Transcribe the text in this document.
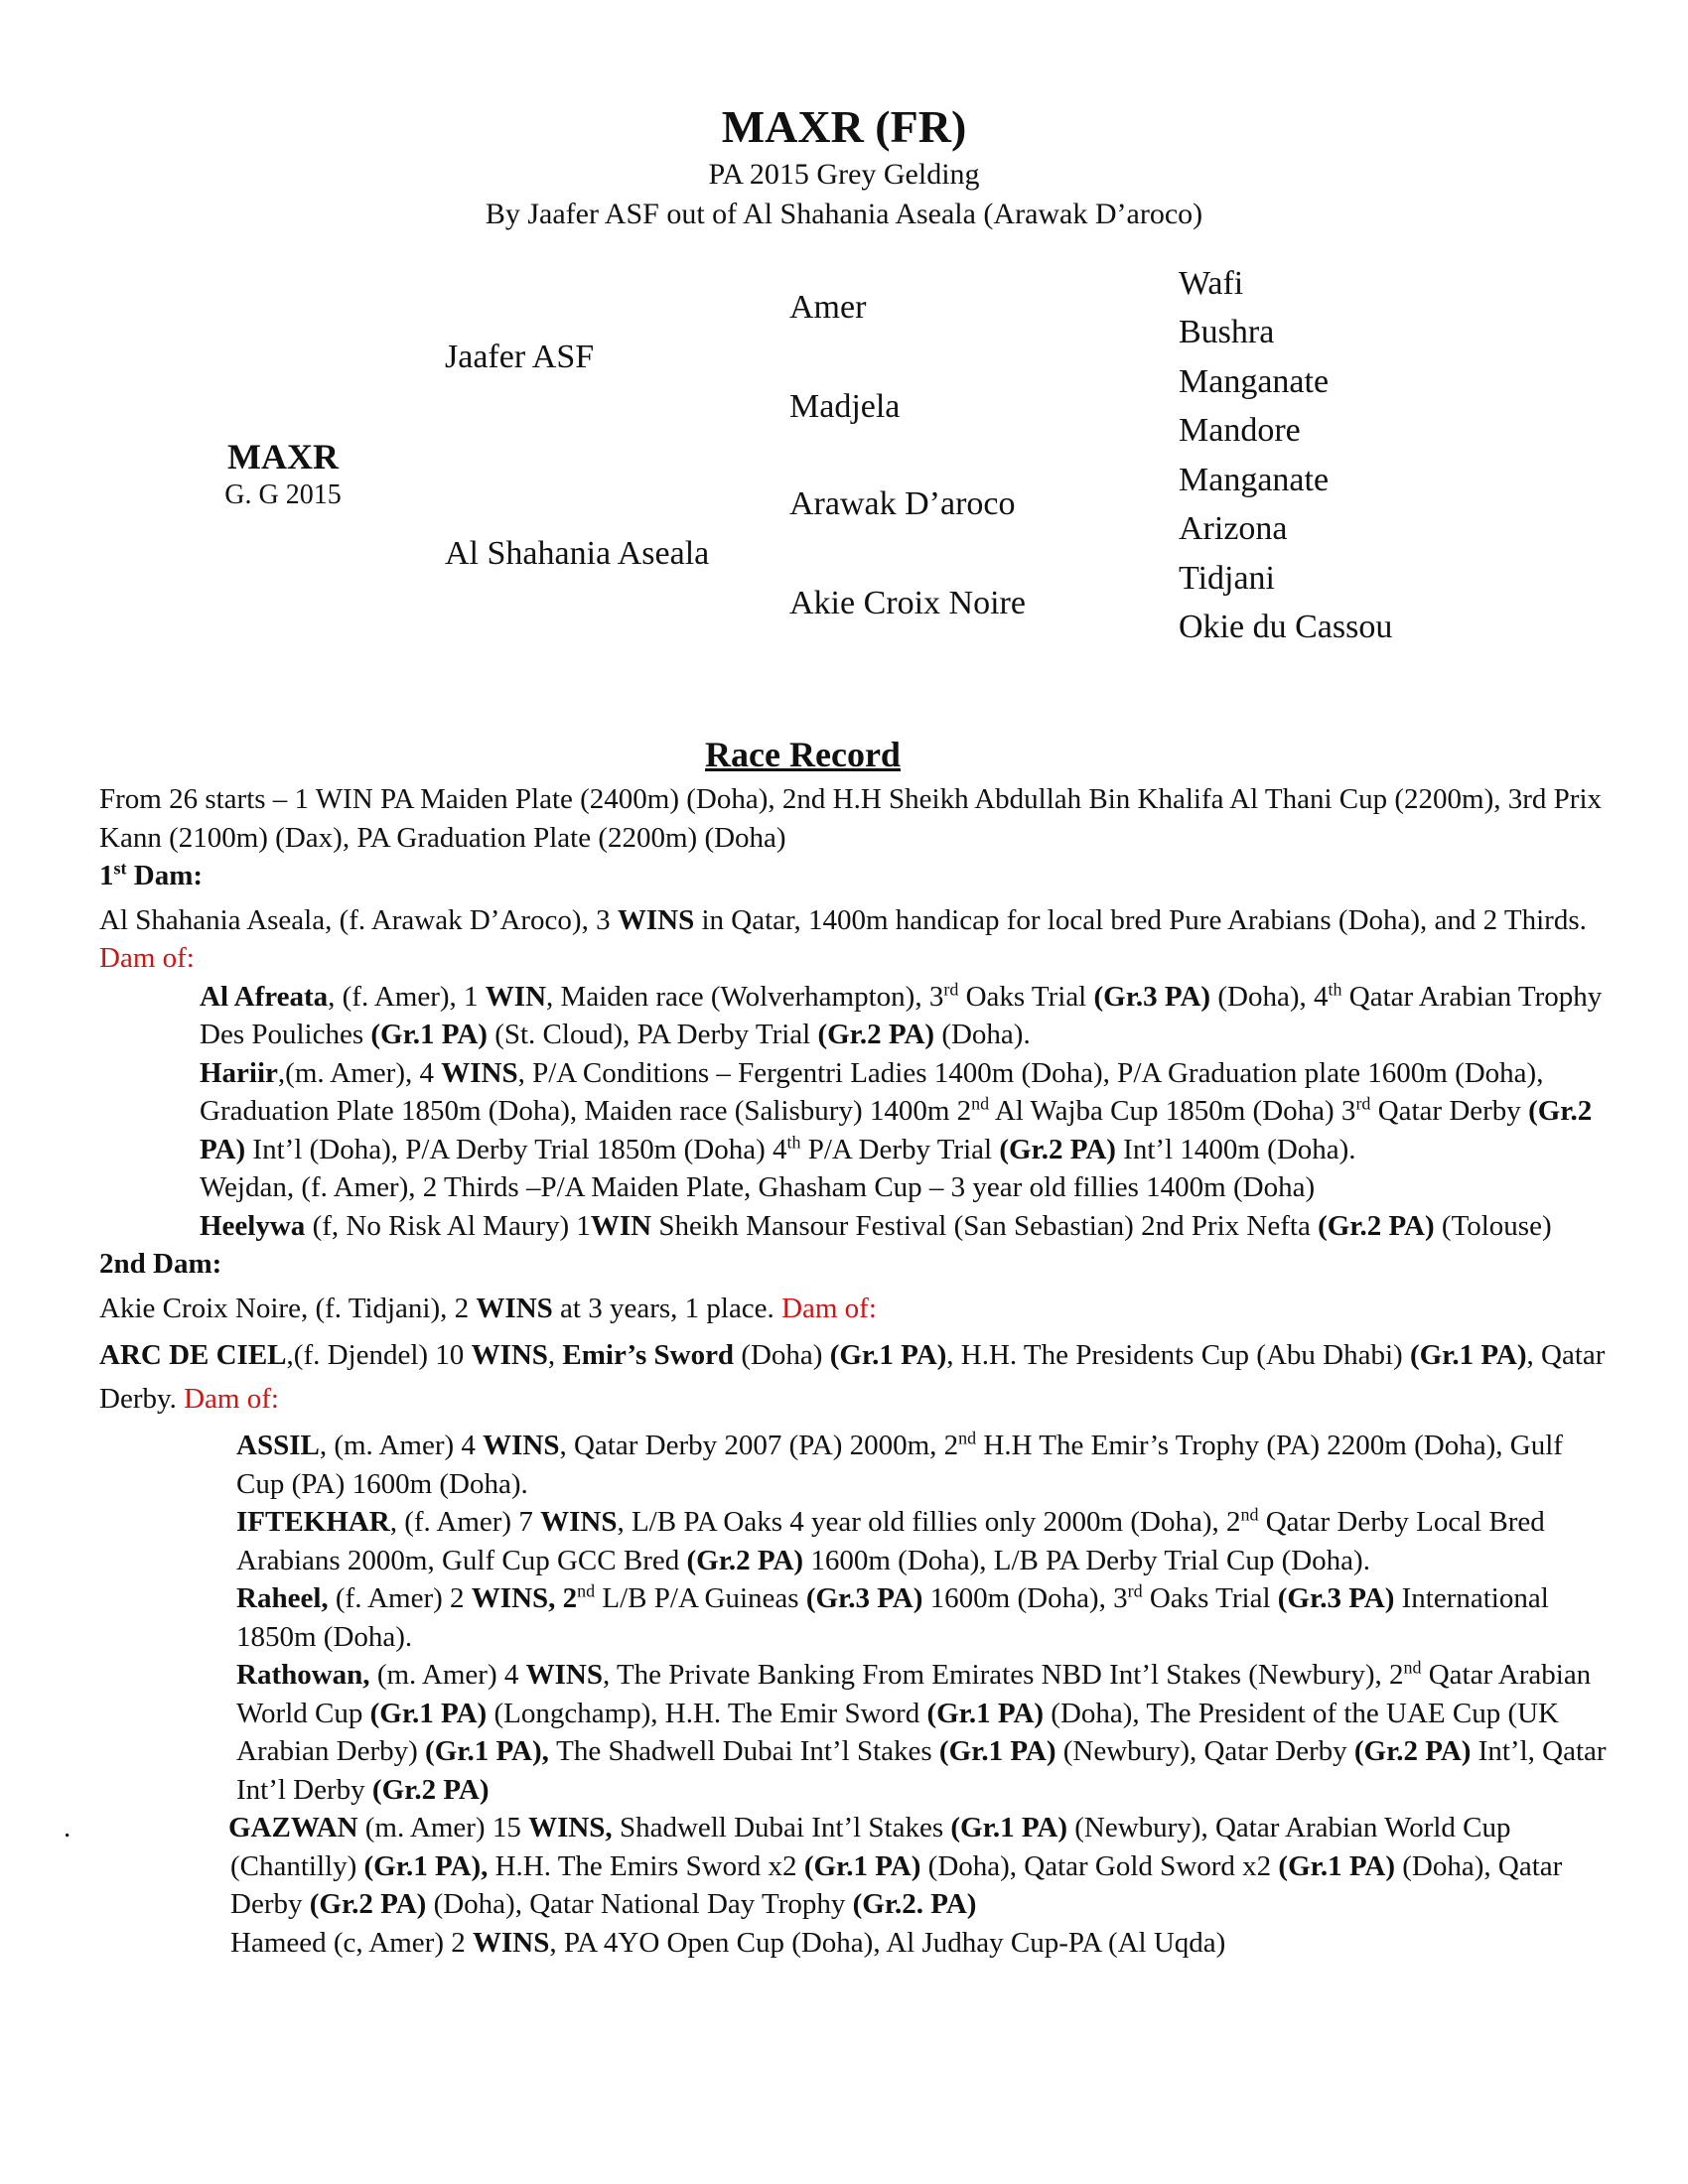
MAXR (FR)

PA 2015 Grey Gelding

By Jaafer ASF out of Al Shahania Aseala (Arawak D’aroco)

MAXR
G. G 2015
Jaafer ASF
Al Shahania Aseala
Amer
Madjela
Arawak D’aroco
Akie Croix Noire
Wafi
Bushra
Manganate
Mandore
Manganate
Arizona
Tidjani
Okie du Cassou
Race Record

From 26 starts – 1 WIN PA Maiden Plate (2400m) (Doha), 2nd H.H Sheikh Abdullah Bin Khalifa Al Thani Cup (2200m), 3rd Prix Kann (2100m) (Dax), PA Graduation Plate (2200m) (Doha)

1st Dam:

Al Shahania Aseala, (f. Arawak D’Aroco), 3 WINS in Qatar, 1400m handicap for local bred Pure Arabians (Doha), and 2 Thirds. Dam of:

Al Afreata, (f. Amer), 1 WIN, Maiden race (Wolverhampton), 3rd Oaks Trial (Gr.3 PA) (Doha), 4th Qatar Arabian Trophy Des Pouliches (Gr.1 PA) (St. Cloud), PA Derby Trial (Gr.2 PA) (Doha).

Hariir,(m. Amer), 4 WINS, P/A Conditions – Fergentri Ladies 1400m (Doha), P/A Graduation plate 1600m (Doha), Graduation Plate 1850m (Doha), Maiden race (Salisbury) 1400m 2nd Al Wajba Cup 1850m (Doha) 3rd Qatar Derby (Gr.2 PA) Int’l (Doha), P/A Derby Trial 1850m (Doha) 4th P/A Derby Trial (Gr.2 PA) Int’l 1400m (Doha).

Wejdan, (f. Amer), 2 Thirds –P/A Maiden Plate, Ghasham Cup – 3 year old fillies 1400m (Doha)

Heelywa (f, No Risk Al Maury) 1WIN Sheikh Mansour Festival (San Sebastian) 2nd Prix Nefta (Gr.2 PA) (Tolouse)

2nd Dam:

Akie Croix Noire, (f. Tidjani), 2 WINS at 3 years, 1 place. Dam of:

ARC DE CIEL,(f. Djendel) 10 WINS, Emir’s Sword (Doha) (Gr.1 PA), H.H. The Presidents Cup (Abu Dhabi) (Gr.1 PA), Qatar Derby. Dam of:

ASSIL, (m. Amer) 4 WINS, Qatar Derby 2007 (PA) 2000m, 2nd H.H The Emir’s Trophy (PA) 2200m (Doha), Gulf Cup (PA) 1600m (Doha).

IFTEKHAR, (f. Amer) 7 WINS, L/B PA Oaks 4 year old fillies only 2000m (Doha), 2nd Qatar Derby Local Bred Arabians 2000m, Gulf Cup GCC Bred (Gr.2 PA) 1600m (Doha), L/B PA Derby Trial Cup (Doha).

Raheel, (f. Amer) 2 WINS, 2nd L/B P/A Guineas (Gr.3 PA) 1600m (Doha), 3rd Oaks Trial (Gr.3 PA) International 1850m (Doha).

Rathowan, (m. Amer) 4 WINS, The Private Banking From Emirates NBD Int’l Stakes (Newbury), 2nd Qatar Arabian World Cup (Gr.1 PA) (Longchamp), H.H. The Emir Sword (Gr.1 PA) (Doha), The President of the UAE Cup (UK Arabian Derby) (Gr.1 PA), The Shadwell Dubai Int’l Stakes (Gr.1 PA) (Newbury), Qatar Derby (Gr.2 PA) Int’l, Qatar Int’l Derby (Gr.2 PA)

.	GAZWAN (m. Amer) 15 WINS, Shadwell Dubai Int’l Stakes (Gr.1 PA) (Newbury), Qatar Arabian World Cup (Chantilly) (Gr.1 PA), H.H. The Emirs Sword x2 (Gr.1 PA) (Doha), Qatar Gold Sword x2 (Gr.1 PA) (Doha), Qatar Derby (Gr.2 PA) (Doha), Qatar National Day Trophy (Gr.2. PA)

Hameed (c, Amer) 2 WINS, PA 4YO Open Cup (Doha), Al Judhay Cup-PA (Al Uqda)
